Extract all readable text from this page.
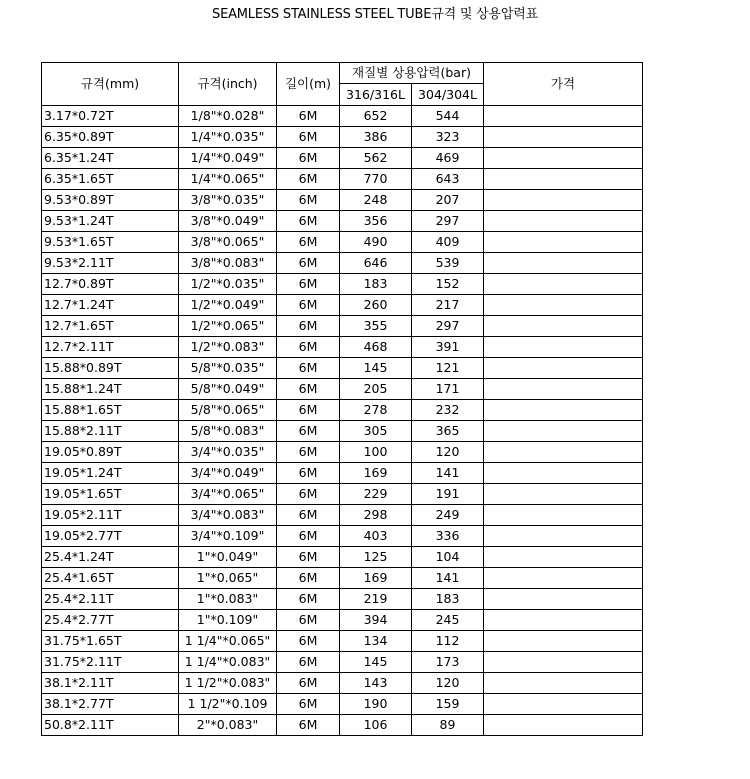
SEAMLESS STAINLESS STEEL TUBE규격 및 상용압력표
규격(mm)	규격(inch)	길이(m)	재질별 상용압력(bar)		가격
			316/316L	304/304L	
3.17*0.72T	1/8"*0.028"	6M	652	544	
6.35*0.89T	1/4"*0.035"	6M	386	323	
6.35*1.24T	1/4"*0.049"	6M	562	469	
6.35*1.65T	1/4"*0.065"	6M	770	643	
9.53*0.89T	3/8"*0.035"	6M	248	207	
9.53*1.24T	3/8"*0.049"	6M	356	297	
9.53*1.65T	3/8"*0.065"	6M	490	409	
9.53*2.11T	3/8"*0.083"	6M	646	539	
12.7*0.89T	1/2"*0.035"	6M	183	152	
12.7*1.24T	1/2"*0.049"	6M	260	217	
12.7*1.65T	1/2"*0.065"	6M	355	297	
12.7*2.11T	1/2"*0.083"	6M	468	391	
15.88*0.89T	5/8"*0.035"	6M	145	121	
15.88*1.24T	5/8"*0.049"	6M	205	171	
15.88*1.65T	5/8"*0.065"	6M	278	232	
15.88*2.11T	5/8"*0.083"	6M	305	365	
19.05*0.89T	3/4"*0.035"	6M	100	120	
19.05*1.24T	3/4"*0.049"	6M	169	141	
19.05*1.65T	3/4"*0.065"	6M	229	191	
19.05*2.11T	3/4"*0.083"	6M	298	249	
19.05*2.77T	3/4"*0.109"	6M	403	336	
25.4*1.24T	1"*0.049"	6M	125	104	
25.4*1.65T	1"*0.065"	6M	169	141	
25.4*2.11T	1"*0.083"	6M	219	183	
25.4*2.77T	1"*0.109"	6M	394	245	
31.75*1.65T	1 1/4"*0.065"	6M	134	112	
31.75*2.11T	1 1/4"*0.083"	6M	145	173	
38.1*2.11T	1 1/2"*0.083"	6M	143	120	
38.1*2.77T	1 1/2"*0.109	6M	190	159	
50.8*2.11T	2"*0.083"	6M	106	89	
